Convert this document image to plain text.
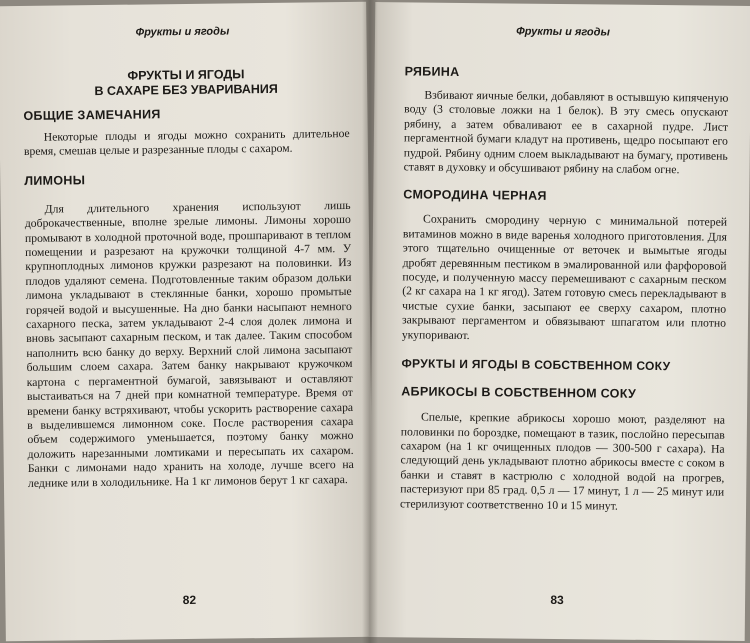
Фрукты и ягоды
ФРУКТЫ И ЯГОДЫ
В САХАРЕ БЕЗ УВАРИВАНИЯ
ОБЩИЕ ЗАМЕЧАНИЯ

Некоторые плоды и ягоды можно сохранить длительное время, смешав целые и разрезанные плоды с сахаром.

ЛИМОНЫ

Для длительного хранения используют лишь доброкачественные, вполне зрелые лимоны. Лимоны хорошо промывают в холодной проточной воде, прошпаривают в теплом помещении и разрезают на кружочки толщиной 4-7 мм. У крупноплодных лимонов кружки разрезают на половинки. Из плодов удаляют семена. Подготовленные таким образом дольки лимона укладывают в стеклянные банки, хорошо промытые горячей водой и высушенные. На дно банки насыпают немного сахарного песка, затем укладывают 2-4 слоя долек лимона и вновь засыпают сахарным песком, и так далее. Таким способом наполнить всю банку до верху. Верхний слой лимона засыпают большим слоем сахара. Затем банку накрывают кружочком картона с пергаментной бумагой, завязывают и оставляют выстаиваться на 7 дней при комнатной температуре. Время от времени банку встряхивают, чтобы ускорить растворение сахара в выделившемся лимонном соке. После растворения сахара объем содержимого уменьшается, поэтому банку можно доложить нарезанными ломтиками и пересыпать их сахаром. Банки с лимонами надо хранить на холоде, лучше всего на леднике или в холодильнике. На 1 кг лимонов берут 1 кг сахара.

82
Фрукты и ягоды
РЯБИНА

Взбивают яичные белки, добавляют в остывшую кипяченую воду (3 столовые ложки на 1 белок). В эту смесь опускают рябину, а затем обваливают ее в сахарной пудре. Лист пергаментной бумаги кладут на противень, щедро посыпают его пудрой. Рябину одним слоем выкладывают на бумагу, противень ставят в духовку и обсушивают рябину на слабом огне.

СМОРОДИНА ЧЕРНАЯ

Сохранить смородину черную с минимальной потерей витаминов можно в виде варенья холодного приготовления. Для этого тщательно очищенные от веточек и вымытые ягоды дробят деревянным пестиком в эмалированной или фарфоровой посуде, и полученную массу перемешивают с сахарным песком (2 кг сахара на 1 кг ягод). Затем готовую смесь перекладывают в чистые сухие банки, засыпают ее сверху сахаром, плотно закрывают пергаментом и обвязывают шпагатом или плотно укупоривают.

ФРУКТЫ И ЯГОДЫ В СОБСТВЕННОМ СОКУ
АБРИКОСЫ В СОБСТВЕННОМ СОКУ

Спелые, крепкие абрикосы хорошо моют, разделяют на половинки по бороздке, помещают в тазик, послойно пересыпав сахаром (на 1 кг очищенных плодов — 300-500 г сахара). На следующий день укладывают плотно абрикосы вместе с соком в банки и ставят в кастрюлю с холодной водой на прогрев, пастеризуют при 85 град. 0,5 л — 17 минут, 1 л — 25 минут или стерилизуют соответственно 10 и 15 минут.

83
